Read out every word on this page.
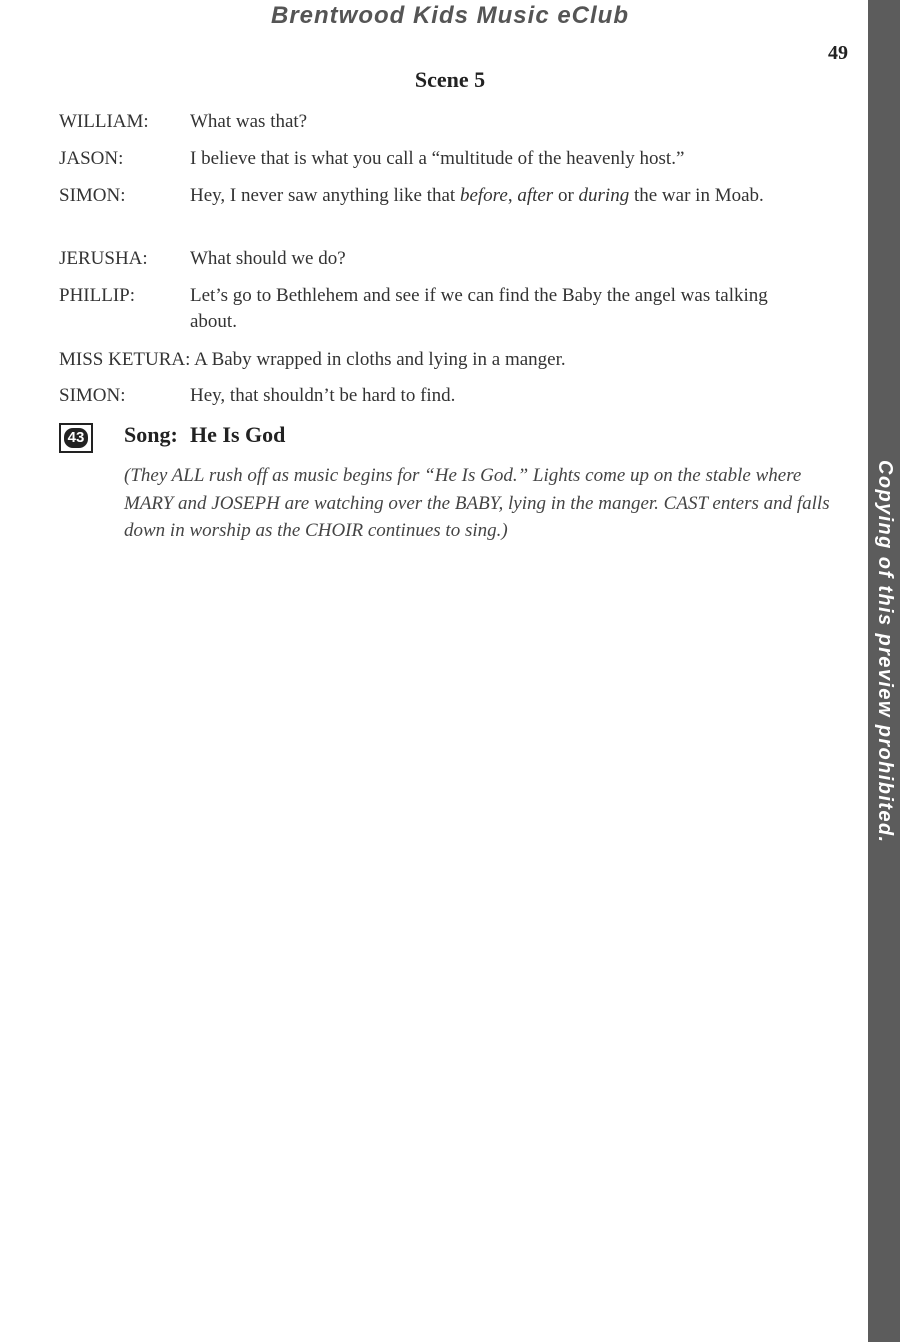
Brentwood Kids Music eClub
49
Scene 5
WILLIAM: What was that?
JASON:	I believe that is what you call a “multitude of the heavenly host.”
SIMON:	Hey, I never saw anything like that before, after or during the war in Moab.
JERUSHA: What should we do?
PHILLIP:	Let’s go to Bethlehem and see if we can find the Baby the angel was talking about.
MISS KETURA: A Baby wrapped in cloths and lying in a manger.
SIMON:	Hey, that shouldn’t be hard to find.
43 Song: He Is God
(They ALL rush off as music begins for “He Is God.” Lights come up on the stable where MARY and JOSEPH are watching over the BABY, lying in the manger. CAST enters and falls down in worship as the CHOIR continues to sing.)	Copying of this preview prohibited.
